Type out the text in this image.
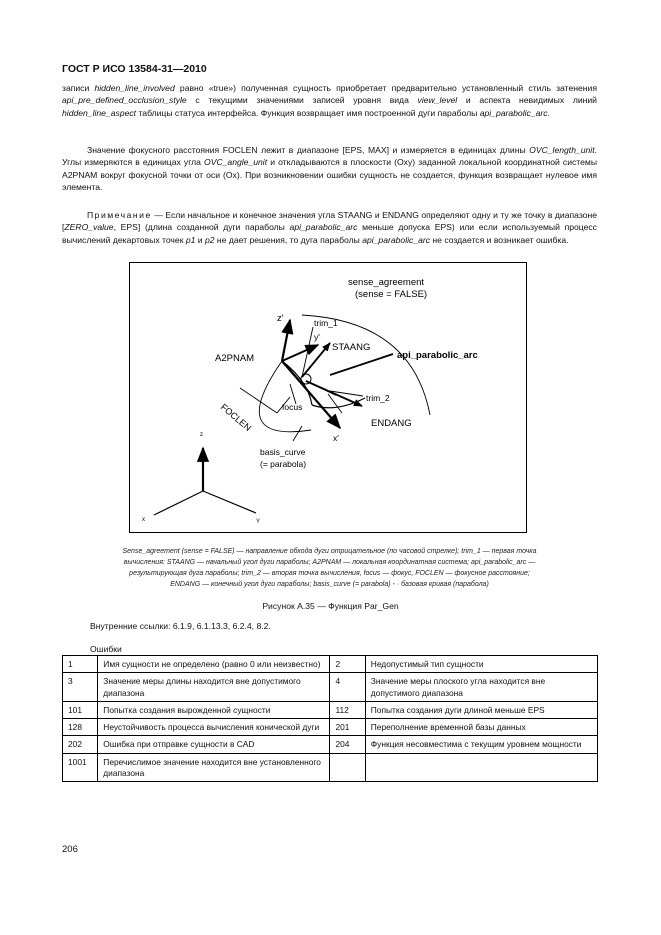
ГОСТ Р ИСО 13584-31—2010
записи hidden_line_involved равно «true») полученная сущность приобретает предварительно установленный стиль затенения api_pre_defined_occlusion_style с текущими значениями записей уровня вида view_level и аспекта невидимых линий hidden_line_aspect таблицы статуса интерфейса. Функция возвращает имя построенной дуги параболы api_parabolic_arc.
Значение фокусного расстояния FOCLEN лежит в диапазоне [EPS, MAX] и измеряется в единицах длины OVC_length_unit. Углы измеряются в единицах угла OVC_angle_unit и откладываются в плоскости (Oxy) заданной локальной координатной системы A2PNAM вокруг фокусной точки от оси (Ox). При возникновении ошибки сущность не создается, функция возвращает нулевое имя элемента.
Примечание — Если начальное и конечное значения угла STAANG и ENDANG определяют одну и ту же точку в диапазоне [ZERO_value, EPS] (длина созданной дуги параболы api_parabolic_arc меньше допуска EPS) или если используемый процесс вычислений декартовых точек p1 и p2 не дает решения, то дуга параболы api_parabolic_arc не создается и возникает ошибка.
sense_agreement
(sense = FALSE)
z'	trim_1
y'
STAANG
A2PNAM	api_parabolic_arc
trim_2
focus
ENDANG
x'
FOCLEN
basis_curve
(= parabola)
z
x	Y
Sense_agreement (sense = FALSE) — направление обхода дуги отрицательное (по часовой стрелке); trim_1 — первая точка
вычисления: STAANG — начальный угол дуги параболы; A2PNAM — локальная координатная система; api_parabolic_arc —
результирующая дуга параболы; trim_2 — вторая точка вычисления, focus — фокус, FOCLEN — фокусное расстояние;
ENDANG — конечный угол дуги параболы; basis_curve (= parabola) - · базовая кривая (парабола)
Рисунок А.35 — Функция Par_Gen
Внутренние ссылки: 6.1.9, 6.1.13.3, 6.2.4, 8.2.
Ошибки
1	Имя сущности не определено (равно 0 или неизвестно)	2	Недопустимый тип сущности
3	Значение меры длины находится вне допустимого диапазона	4	Значение меры плоского угла находится вне допустимого диапазона
101	Попытка создания вырожденной сущности	112	Попытка создания дуги длиной меньше EPS
128	Неустойчивость процесса вычисления конической дуги	201	Переполнение временной базы данных
202	Ошибка при отправке сущности в CAD	204	Функция несовместима с текущим уровнем мощности
1001	Перечислимое значение находится вне установленного диапазона		
206
